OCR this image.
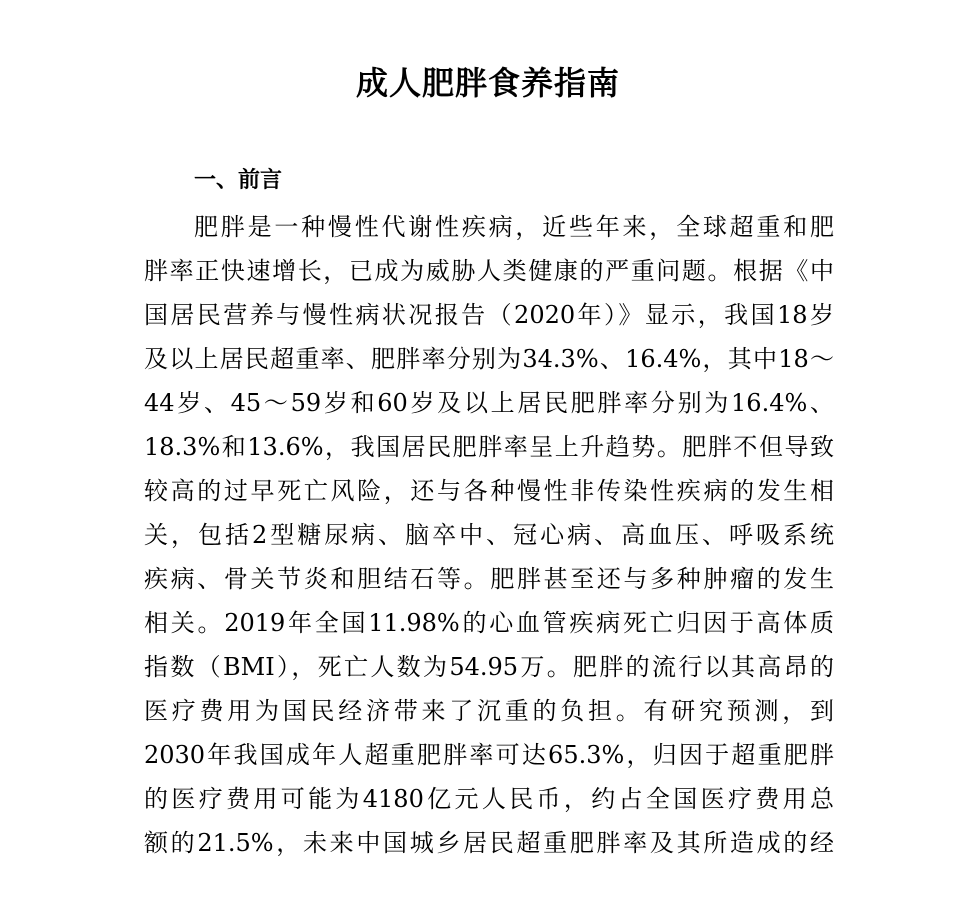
成人肥胖食养指南
一、前言
肥胖是一种慢性代谢性疾病，近些年来，全球超重和肥
胖率正快速增长，已成为威胁人类健康的严重问题。根据《中
国居民营养与慢性病状况报告（2020年）》显示，我国18岁
及以上居民超重率、肥胖率分别为34.3%、16.4%，其中18～
44岁、45～59岁和60岁及以上居民肥胖率分别为16.4%、
18.3%和13.6%，我国居民肥胖率呈上升趋势。肥胖不但导致
较高的过早死亡风险，还与各种慢性非传染性疾病的发生相
关，包括2型糖尿病、脑卒中、冠心病、高血压、呼吸系统
疾病、骨关节炎和胆结石等。肥胖甚至还与多种肿瘤的发生
相关。2019年全国11.98%的心血管疾病死亡归因于高体质
指数（BMI），死亡人数为54.95万。肥胖的流行以其高昂的
医疗费用为国民经济带来了沉重的负担。有研究预测，到
2030年我国成年人超重肥胖率可达65.3%，归因于超重肥胖
的医疗费用可能为4180亿元人民币，约占全国医疗费用总
额的21.5%，未来中国城乡居民超重肥胖率及其所造成的经
